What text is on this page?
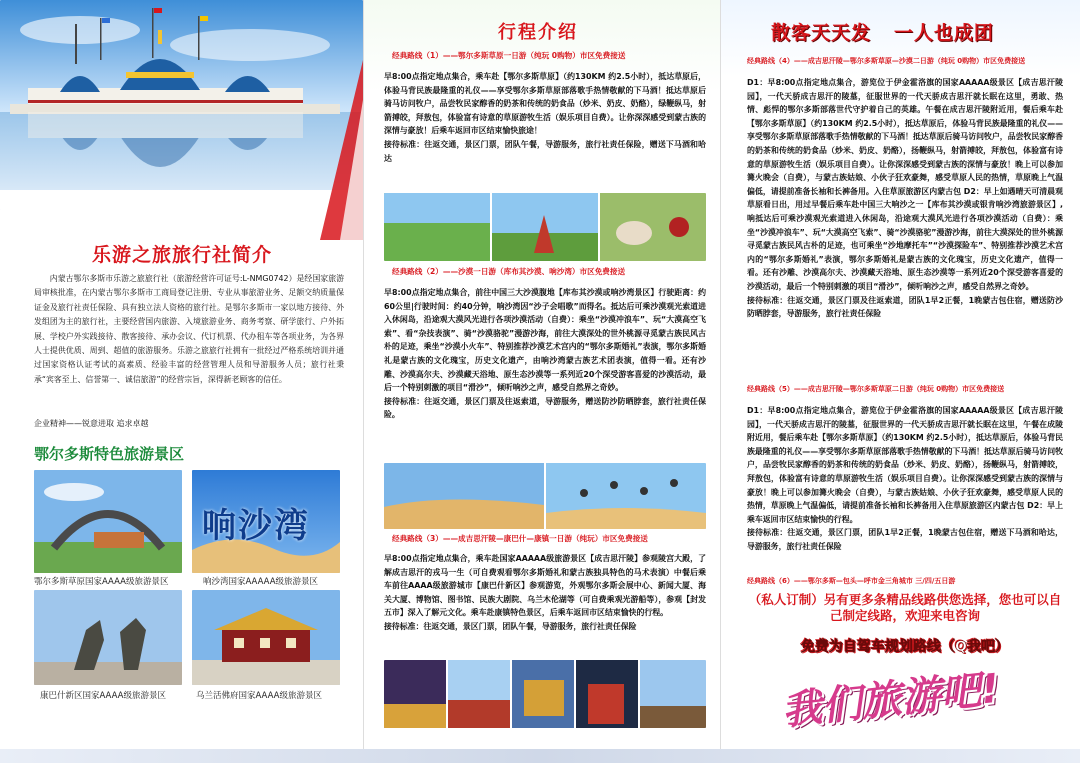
乐游之旅旅行社简介
内蒙古鄂尔多斯市乐游之旅旅行社（旅游经营许可证号:L-NMG0742）是经国家旅游局审核批准，在内蒙古鄂尔多斯市工商局登记注册、专业从事旅游业务、足额交纳质量保证金及旅行社责任保险、具有独立法人资格的旅行社。是鄂尔多斯市一家以地方接待、外发组团为主的旅行社，主要经营国内旅游、入境旅游业务、商务考察、研学旅行、户外拓展、学校户外实践接待、散客接待、承办会议、代订机票、代办租车等各项业务，为各界人士提供优质、周到、超值的旅游服务。乐游之旅旅行社拥有一批经过严格系统培训并通过国家资格认证考试的高素质、经验丰富的经营管理人员和导游服务人员；旅行社秉承“宾客至上、信誉第一、诚信旅游”的经营宗旨，深得新老顾客的信任。
企业精神——锐意进取 追求卓越
鄂尔多斯特色旅游景区
鄂尔多斯草原国家AAAA级旅游景区
响沙湾
响沙湾国家AAAAA级旅游景区
康巴什新区国家AAAA级旅游景区	乌兰活佛府国家AAAA级旅游景区
行程介绍
经典路线（1）——鄂尔多斯草原一日游（纯玩 0购物）市区免费接送

早8:00点指定地点集合，乘车赴【鄂尔多斯草原】（约130KM 约2.5小时），抵达草原后，体验马背民族最隆重的礼仪——享受鄂尔多斯草原部落歌手热情敬献的下马酒！抵达草原后骑马访问牧户，品尝牧民家醇香的奶茶和传统的奶食品（炒米、奶皮、奶酪），绿鞭纵马，射箭搏皎，拜敖包，体验富有诗意的草原游牧生活（娱乐项目自费）。让你深深感受到蒙古族的深情与豪放！后乘车返回市区结束愉快旅途！

接待标准：往返交通，景区门票，团队午餐，导游服务，旅行社责任保险，赠送下马酒和哈达

经典路线（2）——沙漠一日游（库布其沙漠、响沙湾）市区免费接送

早8:00点指定地点集合，前往中国三大沙漠腹地【库布其沙漠或响沙湾景区】行驶距离：约60公里|行驶时间：约40分钟，响沙湾因“沙子会唱歌”而得名。抵达后可乘沙漠观光索道进入休闲岛，沿途观大漠风光进行各项沙漠活动（自费）：乘坐“沙漠冲浪车”、玩“大漠高空飞索”、看“杂技表演”、骑“沙漠骆驼”漫游沙海，前往大漠深处的世外桃源寻觅蒙古族民风古朴的足迹，乘坐“沙漠小火车”、特别推荐沙漠艺术宫内的“鄂尔多斯婚礼”表演，鄂尔多斯婚礼是蒙古族的文化瑰宝，历史文化遗产，由响沙湾蒙古族艺术团表演，值得一看。还有沙雕、沙漠高尔夫、沙漠藏天浴地、原生态沙漠等一系列近20个深受游客喜爱的沙漠活动，最后一个特别刺激的项目“滑沙”，倾听响沙之声，感受自然界之奇妙。

接待标准：往返交通，景区门票及往返索道，导游服务，赠送防沙防晒脖套，旅行社责任保险。

经典路线（3）——成吉思汗陵—康巴什—康镇一日游（纯玩）市区免费接送

早8:00点指定地点集合，乘车赴国家AAAAA级旅游景区【成吉思汗陵】参观陵宫大殿，了解成吉思汗的戎马一生（可自费观看鄂尔多斯婚礼和蒙古族独具特色的马术表演）中餐后乘车前往AAAA级旅游城市【康巴什新区】参观游览，外观鄂尔多斯会展中心、新闻大厦、海关大厦、博物馆、图书馆、民族大剧院、乌兰木伦湖等（可自费乘观光游船等），参观【封发五市】深入了解元文化。乘车赴康镇特色景区，后乘车返回市区结束愉快的行程。

接待标准：往返交通，景区门票，团队午餐，导游服务，旅行社责任保险

散客天天发   一人也成团
经典路线（4）——成吉思汗陵—鄂尔多斯草原—沙漠二日游（纯玩 0购物）市区免费接送

D1：早8:00点指定地点集合，游览位于伊金霍洛旗的国家AAAAA级景区【成吉思汗陵园】，一代天骄成吉思汗的陵墓，征服世界的一代天骄成吉思汗就长眠在这里，勇敢、热情、彪悍的鄂尔多斯部落世代守护着自己的英雄。午餐在成吉思汗陵附近用，餐后乘车赴【鄂尔多斯草原】（约130KM 约2.5小时），抵达草原后，体验马背民族最隆重的礼仪——享受鄂尔多斯草原部落歌手热情敬献的下马酒！抵达草原后骑马访问牧户，品尝牧民家醇香的奶茶和传统的奶食品（炒米、奶皮、奶酪），扬鞭纵马，射箭搏皎，拜敖包，体验富有诗意的草原游牧生活（娱乐项目自费）。让你深深感受到蒙古族的深情与豪放！晚上可以参加篝火晚会（自费），与蒙古族姑娘、小伙子狂欢豪舞，感受草原人民的热情，草原晚上气温偏低，请提前准备长袖和长裤备用。入住草原旅游区内蒙古包 D2：早上如遇晴天可清晨观草原看日出，用过早餐后乘车赴中国三大响沙之一【库布其沙漠或银肯响沙湾旅游景区】,响抵达后可乘沙漠观光索道进入休闲岛，沿途观大漠风光进行各项沙漠活动（自费）：乘坐“沙漠冲浪车”、玩“大漠高空飞索”、骑“沙漠骆驼”漫游沙海，前往大漠深处的世外桃源寻觅蒙古族民风古朴的足迹，也可乘坐“沙地摩托车”“沙漠探险车”、特别推荐沙漠艺术宫内的“鄂尔多斯婚礼”表演，鄂尔多斯婚礼是蒙古族的文化瑰宝，历史文化遗产，值得一看。还有沙雕、沙漠高尔夫、沙漠藏天浴地、原生态沙漠等一系列近20个深受游客喜爱的沙漠活动，最后一个特别刺激的项目“滑沙”，倾听响沙之声，感受自然界之奇妙。

接待标准：往返交通，景区门票及往返索道，团队1早2正餐，1晚蒙古包住宿，赠送防沙防晒脖套，导游服务，旅行社责任保险

经典路线（5）——成吉思汗陵—鄂尔多斯草原二日游（纯玩 0购物）市区免费接送

D1：早8:00点指定地点集合，游览位于伊金霍洛旗的国家AAAAA级景区【成吉思汗陵园】，一代天骄成吉思汗的陵墓，征服世界的一代天骄成吉思汗就长眠在这里，午餐在成陵附近用，餐后乘车赴【鄂尔多斯草原】（约130KM 约2.5小时），抵达草原后，体验马背民族最隆重的礼仪——享受鄂尔多斯草原部落歌手热情敬献的下马酒！抵达草原后骑马访问牧户，品尝牧民家醇香的奶茶和传统的奶食品（炒米、奶皮、奶酪），扬鞭纵马，射箭搏皎，拜敖包，体验富有诗意的草原游牧生活（娱乐项目自费）。让你深深感受到蒙古族的深情与豪放！晚上可以参加篝火晚会（自费），与蒙古族姑娘、小伙子狂欢豪舞，感受草原人民的热情，草原晚上气温偏低，请提前准备长袖和长裤备用入住草原旅游区内蒙古包 D2：早上乘车返回市区结束愉快的行程。

接待标准：往返交通，景区门票，团队1早2正餐，1晚蒙古包住宿，赠送下马酒和哈达，导游服务，旅行社责任保险

经典路线（6）——鄂尔多斯—包头—呼市金三角城市 三/四/五日游
（私人订制）另有更多条精品线路供您选择，您也可以自己制定线路，欢迎来电咨询
免费为自驾车规划路线（Q我吧）
我们旅游吧!
